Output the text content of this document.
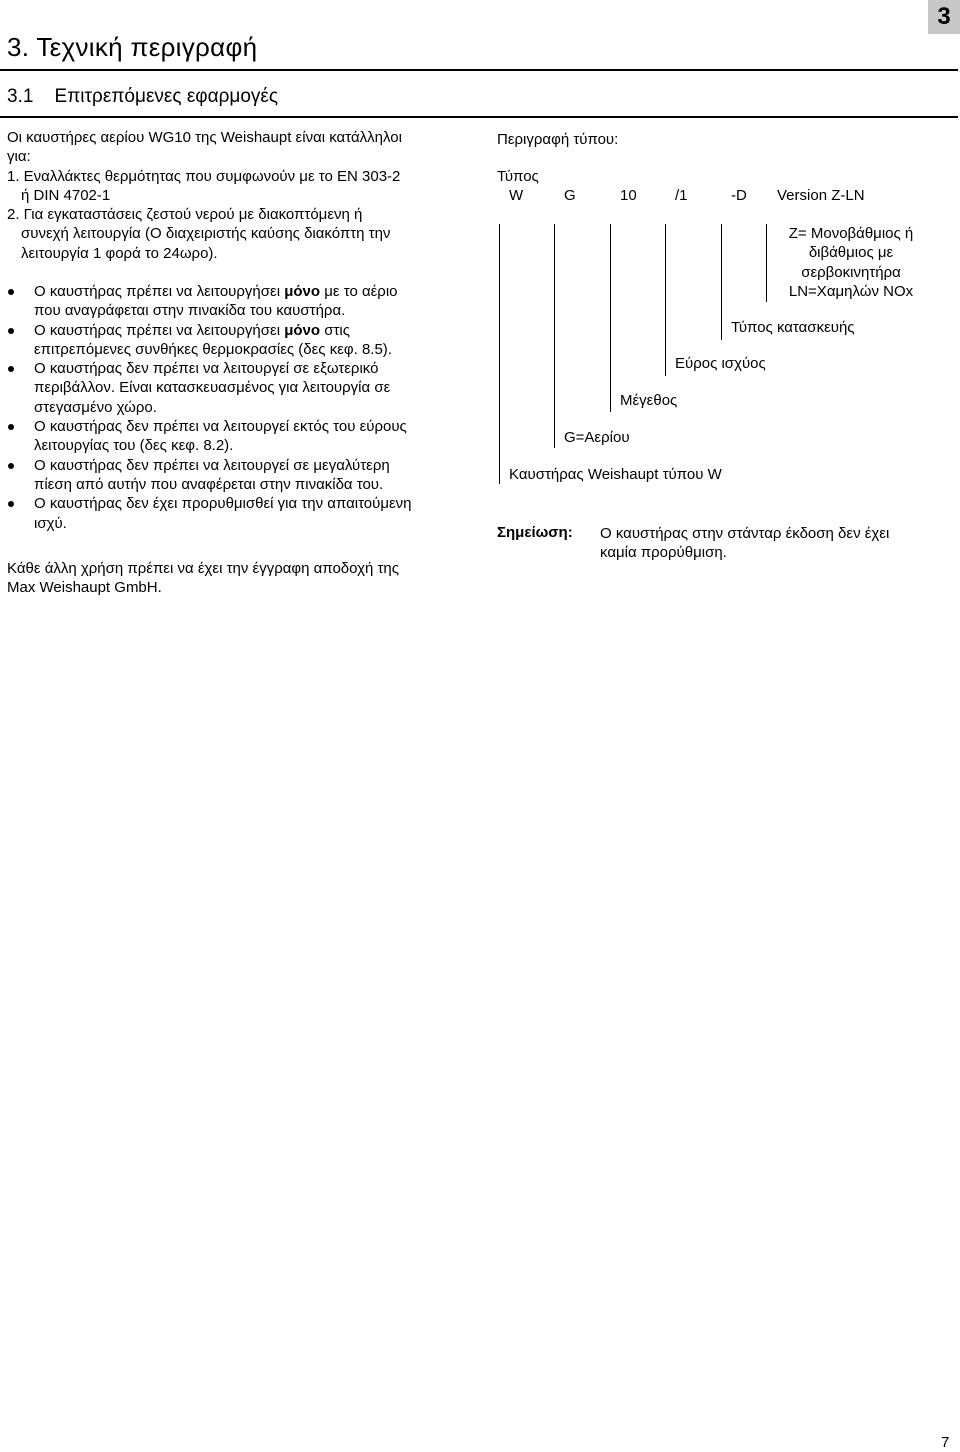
3
3. Τεχνική περιγραφή
3.1    Επιτρεπόμενες εφαρμογές
Οι καυστήρες αερίου WG10 της Weishaupt είναι κατάλληλοι
για:
1. Εναλλάκτες θερμότητας που συμφωνούν με το EN 303-2
ή DIN 4702-1
2. Για εγκαταστάσεις ζεστού νερού με διακοπτόμενη ή
συνεχή λειτουργία (Ο διαχειριστής καύσης διακόπτη την
λειτουργία 1 φορά το 24ωρο).
Ο καυστήρας πρέπει να λειτουργήσει μόνο με το αέριο
που αναγράφεται στην πινακίδα του καυστήρα.
Ο καυστήρας πρέπει να λειτουργήσει μόνο στις
επιτρεπόμενες συνθήκες θερμοκρασίες (δες κεφ. 8.5).
Ο καυστήρας δεν πρέπει να λειτουργεί σε εξωτερικό
περιβάλλον. Είναι κατασκευασμένος για λειτουργία σε
στεγασμένο χώρο.
Ο καυστήρας δεν πρέπει να λειτουργεί εκτός του εύρους
λειτουργίας του (δες κεφ. 8.2).
Ο καυστήρας δεν πρέπει να λειτουργεί σε μεγαλύτερη
πίεση από αυτήν που αναφέρεται στην πινακίδα του.
Ο καυστήρας δεν έχει προρυθμισθεί για την απαιτούμενη
ισχύ.
Κάθε άλλη χρήση πρέπει να έχει την έγγραφη αποδοχή της
Max Weishaupt GmbH.
Περιγραφή τύπου:
Τύπος
W	G	10	/1	-D Version Z-LN
Z= Μονοβάθμιος ή
διβάθμιος με
σερβοκινητήρα
LN=Χαμηλών NOx
Τύπος κατασκευής
Εύρος ισχύος
Μέγεθος
G=Αερίου
Καυστήρας Weishaupt τύπου W
Σημείωση: Ο καυστήρας στην στάνταρ έκδοση δεν έχει
καμία προρύθμιση.
7
